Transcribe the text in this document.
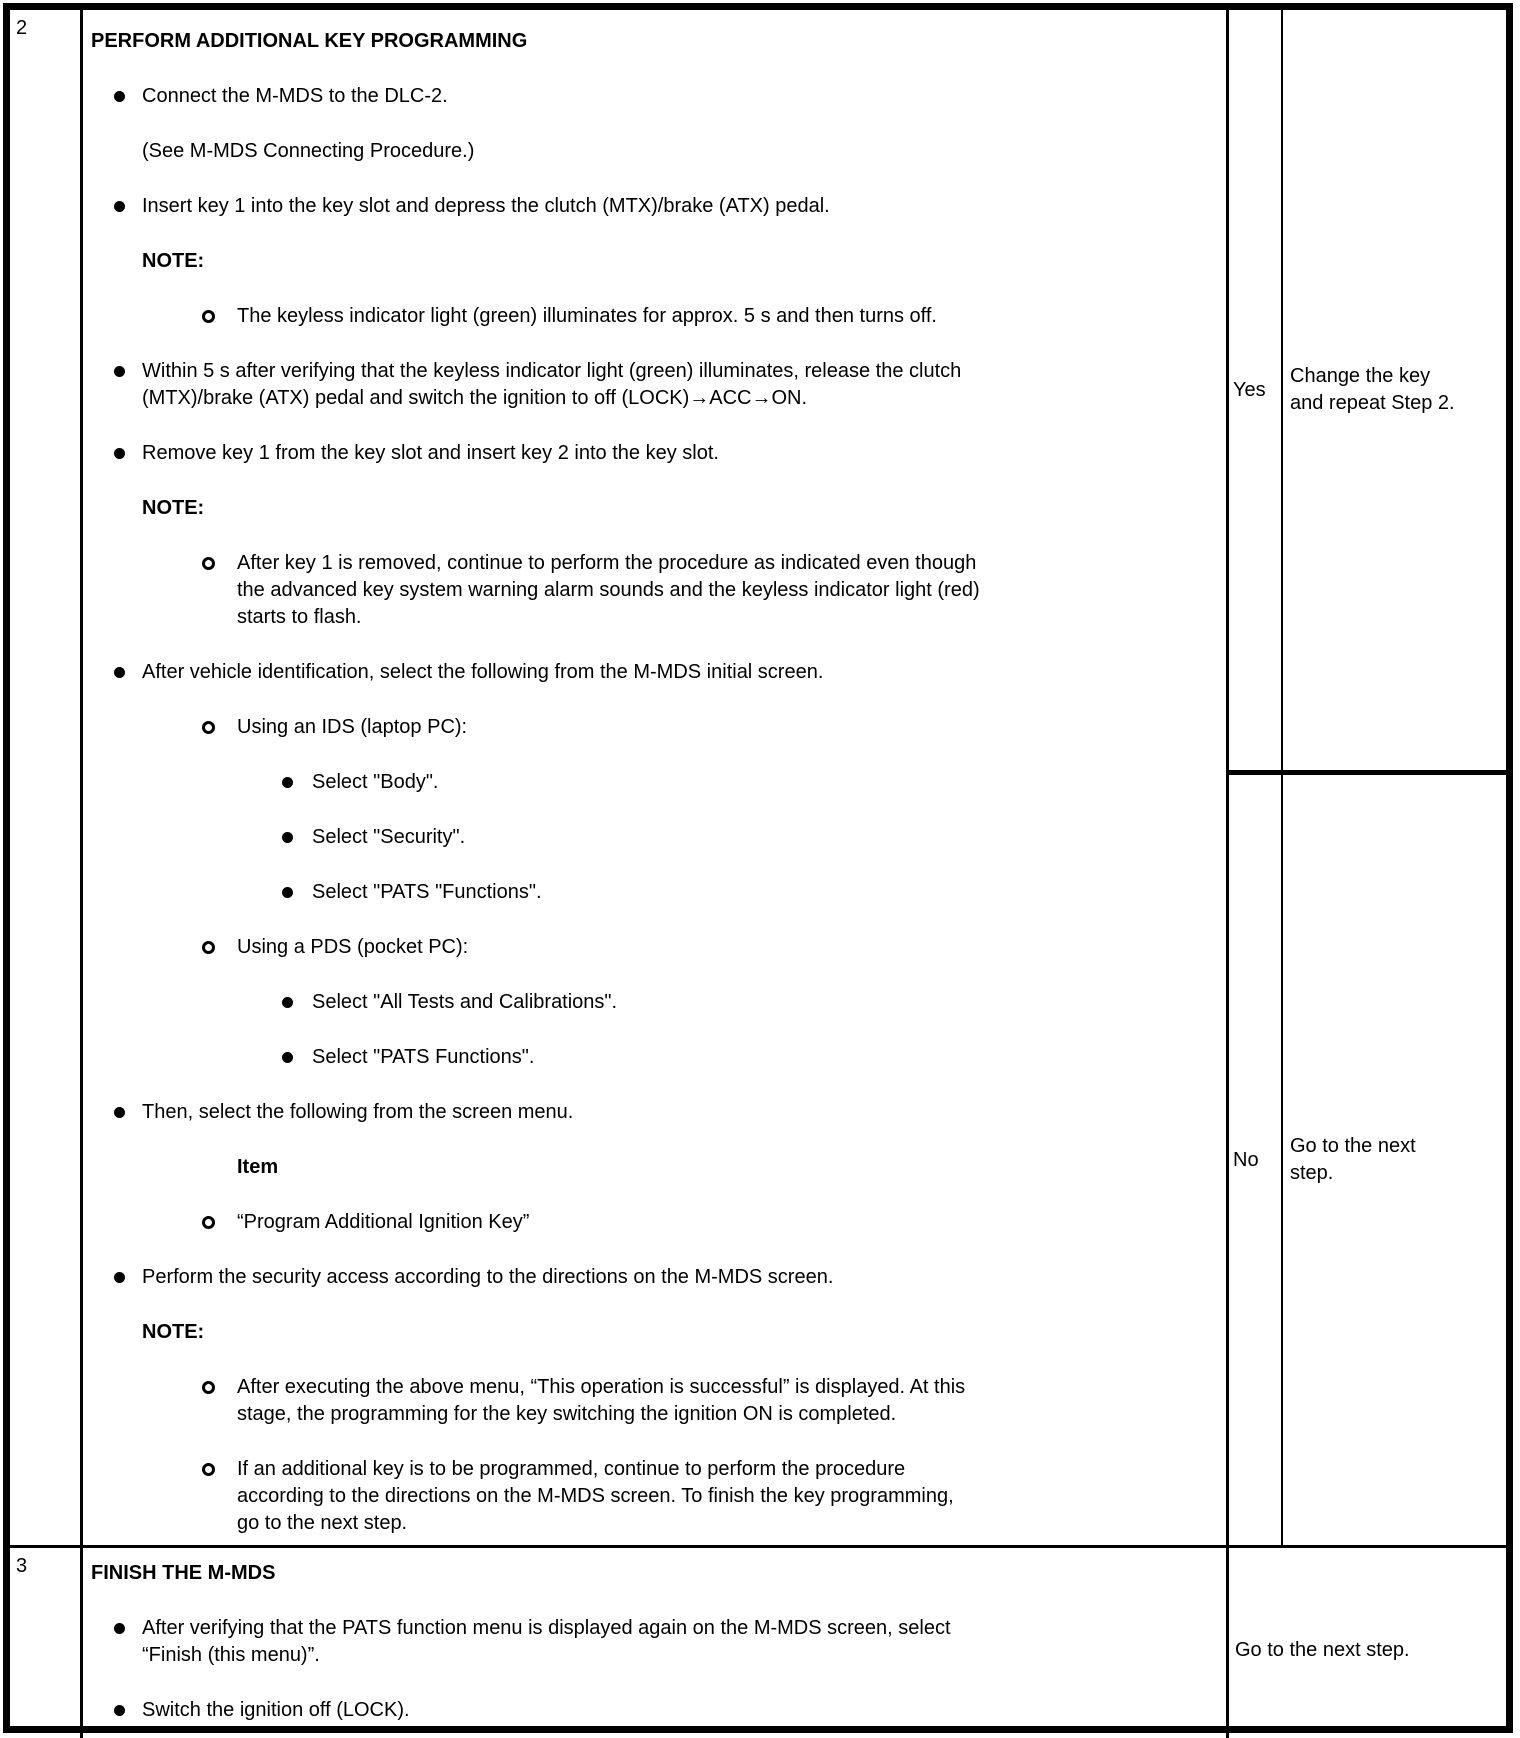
2
PERFORM ADDITIONAL KEY PROGRAMMING
Connect the M-MDS to the DLC-2.
(See M-MDS Connecting Procedure.)
Insert key 1 into the key slot and depress the clutch (MTX)/brake (ATX) pedal.
NOTE:
The keyless indicator light (green) illuminates for approx. 5 s and then turns off.
Within 5 s after verifying that the keyless indicator light (green) illuminates, release the clutch
(MTX)/brake (ATX) pedal and switch the ignition to off (LOCK)→ACC→ON.
Remove key 1 from the key slot and insert key 2 into the key slot.
NOTE:
After key 1 is removed, continue to perform the procedure as indicated even though
the advanced key system warning alarm sounds and the keyless indicator light (red)
starts to flash.
After vehicle identification, select the following from the M-MDS initial screen.
Using an IDS (laptop PC):
Select "Body".
Select "Security".
Select "PATS "Functions".
Using a PDS (pocket PC):
Select "All Tests and Calibrations".
Select "PATS Functions".
Then, select the following from the screen menu.
Item
“Program Additional Ignition Key”
Perform the security access according to the directions on the M-MDS screen.
NOTE:
After executing the above menu, “This operation is successful” is displayed. At this
stage, the programming for the key switching the ignition ON is completed.
If an additional key is to be programmed, continue to perform the procedure
according to the directions on the M-MDS screen. To finish the key programming,
go to the next step.
Yes
Change the key
and repeat Step 2.
No
Go to the next
step.
3	FINISH THE M-MDS
After verifying that the PATS function menu is displayed again on the M-MDS screen, select
“Finish (this menu)”.
Switch the ignition off (LOCK).
Go to the next step.
